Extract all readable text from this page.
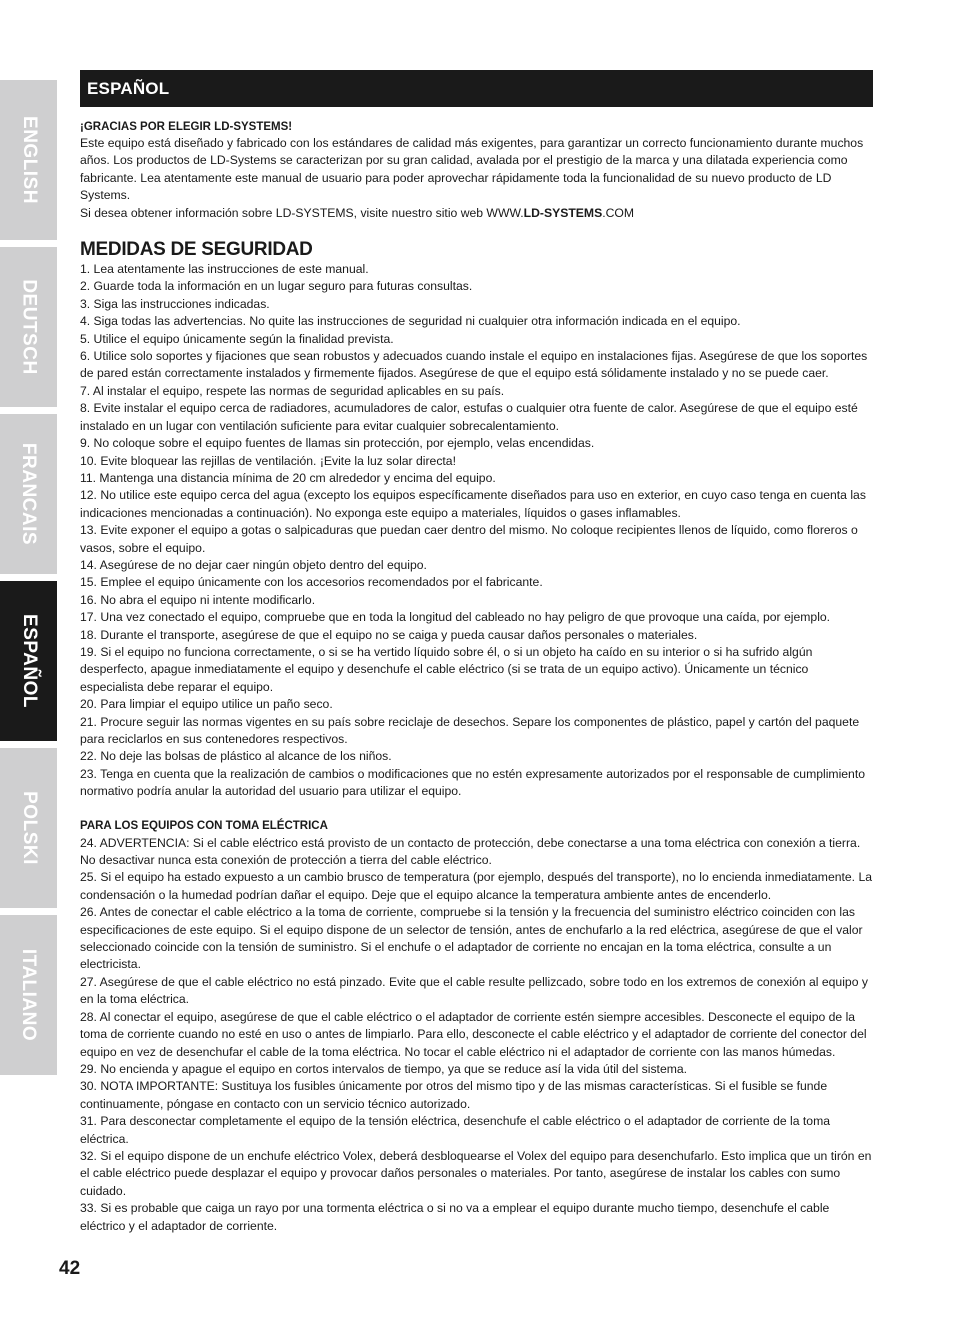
ENGLISH
DEUTSCH
FRANCAIS
ESPAÑOL
POLSKI
ITALIANO
ESPAÑOL
¡GRACIAS POR ELEGIR LD-SYSTEMS!

Este equipo está diseñado y fabricado con los estándares de calidad más exigentes, para garantizar un correcto funcionamiento durante muchos años. Los productos de LD-Systems se caracterizan por su gran calidad, avalada por el prestigio de la marca y una dilatada experiencia como fabricante. Lea atentamente este manual de usuario para poder aprovechar rápidamente toda la funcionalidad de su nuevo producto de LD Systems.

Si desea obtener información sobre LD-SYSTEMS, visite nuestro sitio web WWW.LD-SYSTEMS.COM

MEDIDAS DE SEGURIDAD
1. Lea atentamente las instrucciones de este manual.
2. Guarde toda la información en un lugar seguro para futuras consultas.
3. Siga las instrucciones indicadas.
4. Siga todas las advertencias. No quite las instrucciones de seguridad ni cualquier otra información indicada en el equipo.
5. Utilice el equipo únicamente según la finalidad prevista.
6. Utilice solo soportes y fijaciones que sean robustos y adecuados cuando instale el equipo en instalaciones fijas. Asegúrese de que los soportes de pared están correctamente instalados y firmemente fijados. Asegúrese de que el equipo está sólidamente instalado y no se puede caer.
7. Al instalar el equipo, respete las normas de seguridad aplicables en su país.
8. Evite instalar el equipo cerca de radiadores, acumuladores de calor, estufas o cualquier otra fuente de calor. Asegúrese de que el equipo esté instalado en un lugar con ventilación suficiente para evitar cualquier sobrecalentamiento.
9. No coloque sobre el equipo fuentes de llamas sin protección, por ejemplo, velas encendidas.
10. Evite bloquear las rejillas de ventilación. ¡Evite la luz solar directa!
11. Mantenga una distancia mínima de 20 cm alrededor y encima del equipo.
12. No utilice este equipo cerca del agua (excepto los equipos específicamente diseñados para uso en exterior, en cuyo caso tenga en cuenta las indicaciones mencionadas a continuación). No exponga este equipo a materiales, líquidos o gases inflamables.
13. Evite exponer el equipo a gotas o salpicaduras que puedan caer dentro del mismo. No coloque recipientes llenos de líquido, como floreros o vasos, sobre el equipo.
14. Asegúrese de no dejar caer ningún objeto dentro del equipo.
15. Emplee el equipo únicamente con los accesorios recomendados por el fabricante.
16. No abra el equipo ni intente modificarlo.
17. Una vez conectado el equipo, compruebe que en toda la longitud del cableado no hay peligro de que provoque una caída, por ejemplo.
18. Durante el transporte, asegúrese de que el equipo no se caiga y pueda causar daños personales o materiales.
19. Si el equipo no funciona correctamente, o si se ha vertido líquido sobre él, o si un objeto ha caído en su interior o si ha sufrido algún desperfecto, apague inmediatamente el equipo y desenchufe el cable eléctrico (si se trata de un equipo activo). Únicamente un técnico especialista debe reparar el equipo.
20. Para limpiar el equipo utilice un paño seco.
21. Procure seguir las normas vigentes en su país sobre reciclaje de desechos. Separe los componentes de plástico, papel y cartón del paquete para reciclarlos en sus contenedores respectivos.
22. No deje las bolsas de plástico al alcance de los niños.
23. Tenga en cuenta que la realización de cambios o modificaciones que no estén expresamente autorizados por el responsable de cumplimiento normativo podría anular la autoridad del usuario para utilizar el equipo.
PARA LOS EQUIPOS CON TOMA ELÉCTRICA
24. ADVERTENCIA: Si el cable eléctrico está provisto de un contacto de protección, debe conectarse a una toma eléctrica con conexión a tierra. No desactivar nunca esta conexión de protección a tierra del cable eléctrico.
25. Si el equipo ha estado expuesto a un cambio brusco de temperatura (por ejemplo, después del transporte), no lo encienda inmediatamente. La condensación o la humedad podrían dañar el equipo. Deje que el equipo alcance la temperatura ambiente antes de encenderlo.
26. Antes de conectar el cable eléctrico a la toma de corriente, compruebe si la tensión y la frecuencia del suministro eléctrico coinciden con las especificaciones de este equipo. Si el equipo dispone de un selector de tensión, antes de enchufarlo a la red eléctrica, asegúrese de que el valor seleccionado coincide con la tensión de suministro. Si el enchufe o el adaptador de corriente no encajan en la toma eléctrica, consulte a un electricista.
27. Asegúrese de que el cable eléctrico no está pinzado. Evite que el cable resulte pellizcado, sobre todo en los extremos de conexión al equipo y en la toma eléctrica.
28. Al conectar el equipo, asegúrese de que el cable eléctrico o el adaptador de corriente estén siempre accesibles. Desconecte el equipo de la toma de corriente cuando no esté en uso o antes de limpiarlo. Para ello, desconecte el cable eléctrico y el adaptador de corriente del conector del equipo en vez de desenchufar el cable de la toma eléctrica. No tocar el cable eléctrico ni el adaptador de corriente con las manos húmedas.
29. No encienda y apague el equipo en cortos intervalos de tiempo, ya que se reduce así la vida útil del sistema.
30. NOTA IMPORTANTE: Sustituya los fusibles únicamente por otros del mismo tipo y de las mismas características. Si el fusible se funde continuamente, póngase en contacto con un servicio técnico autorizado.
31. Para desconectar completamente el equipo de la tensión eléctrica, desenchufe el cable eléctrico o el adaptador de corriente de la toma eléctrica.
32. Si el equipo dispone de un enchufe eléctrico Volex, deberá desbloquearse el Volex del equipo para desenchufarlo. Esto implica que un tirón en el cable eléctrico puede desplazar el equipo y provocar daños personales o materiales. Por tanto, asegúrese de instalar los cables con sumo cuidado.
33. Si es probable que caiga un rayo por una tormenta eléctrica o si no va a emplear el equipo durante mucho tiempo, desenchufe el cable eléctrico y el adaptador de corriente.
42
